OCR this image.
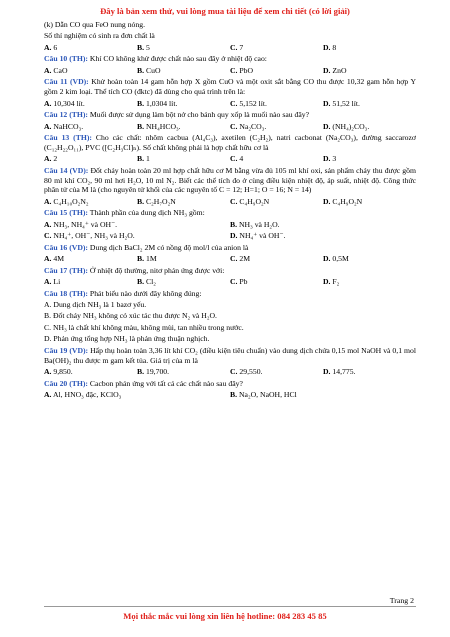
Đây là bản xem thử, vui lòng mua tài liệu để xem chi tiết (có lời giải)
(k) Dẫn CO qua FeO nung nóng.
Số thí nghiệm có sinh ra đơn chất là
A. 6	B. 5	C. 7	D. 8
Câu 10 (TH): Khí CO không khử được chất nào sau đây ở nhiệt độ cao:
A. CaO	B. CuO	C. PbO	D. ZnO
Câu 11 (VD): Khử hoàn toàn 14 gam hỗn hợp X gồm CuO và một oxit sắt bằng CO thu được 10,32 gam hỗn hợp Y gồm 2 kim loại. Thể tích CO (đktc) đã dùng cho quá trình trên là:
A. 10,304 lít.	B. 1,0304 lít.	C. 5,152 lít.	D. 51,52 lít.
Câu 12 (TH): Muối được sử dụng làm bột nở cho bánh quy xốp là muối nào sau đây?
A. NaHCO₃.	B. NH₄HCO₃.	C. Na₂CO₃.	D. (NH₄)₂CO₃.
Câu 13 (TH): Cho các chất: nhôm cacbua (Al₄C₃), axetilen (C₂H₂), natri cacbonat (Na₂CO₃), đường saccarozơ (C₁₂H₂₂O₁₁), PVC ([C₂H₃Cl]ₙ). Số chất không phải là hợp chất hữu cơ là
A. 2	B. 1	C. 4	D. 3
Câu 14 (VD): Đốt cháy hoàn toàn 20 ml hợp chất hữu cơ M bằng vừa đủ 105 ml khí oxi, sản phẩm cháy thu được gồm 80 ml khí CO₂, 90 ml hơi H₂O, 10 ml N₂. Biết các thể tích đo ở cùng điều kiện nhiệt độ, áp suất, nhiệt độ. Công thức phân tử của M là (cho nguyên tử khối của các nguyên tố C = 12; H=1; O = 16; N = 14)
A. C₄H₁₀O₂N₂	B. C₂H₇O₂N	C. C₄H₉O₂N	D. C₄H₉O₂N
Câu 15 (TH): Thành phần của dung dịch NH₃ gồm:
A. NH₃, NH₄⁺ và OH⁻.	B. NH₃ và H₂O.
C. NH₄⁺, OH⁻, NH₃ và H₂O.	D. NH₄⁺ và OH⁻.
Câu 16 (VD): Dung dịch BaCl₂ 2M có nồng độ mol/l của anion là
A. 4M	B. 1M	C. 2M	D. 0,5M
Câu 17 (TH): Ở nhiệt độ thường, nitơ phản ứng được với:
A. Li	B. Cl₂	C. Pb	D. F₂
Câu 18 (TH): Phát biểu nào dưới đây không đúng:
A. Dung dịch NH₃ là 1 bazơ yếu.
B. Đốt cháy NH₃ không có xúc tác thu được N₂ và H₂O.
C. NH₃ là chất khí không màu, không mùi, tan nhiều trong nước.
D. Phản ứng tổng hợp NH₃ là phản ứng thuận nghịch.
Câu 19 (VD): Hấp thụ hoàn toàn 3,36 lít khí CO₂ (điều kiện tiêu chuẩn) vào dung dịch chứa 0,15 mol NaOH và 0,1 mol Ba(OH)₂ thu được m gam kết tủa. Giá trị của m là
A. 9,850.	B. 19,700.	C. 29,550.	D. 14,775.
Câu 20 (TH): Cacbon phản ứng với tất cả các chất nào sau đây?
A. Al, HNO₃ đặc, KClO₃	B. Na₂O, NaOH, HCl
Trang 2
Mọi thắc mắc vui lòng xin liên hệ hotline: 084 283 45 85
